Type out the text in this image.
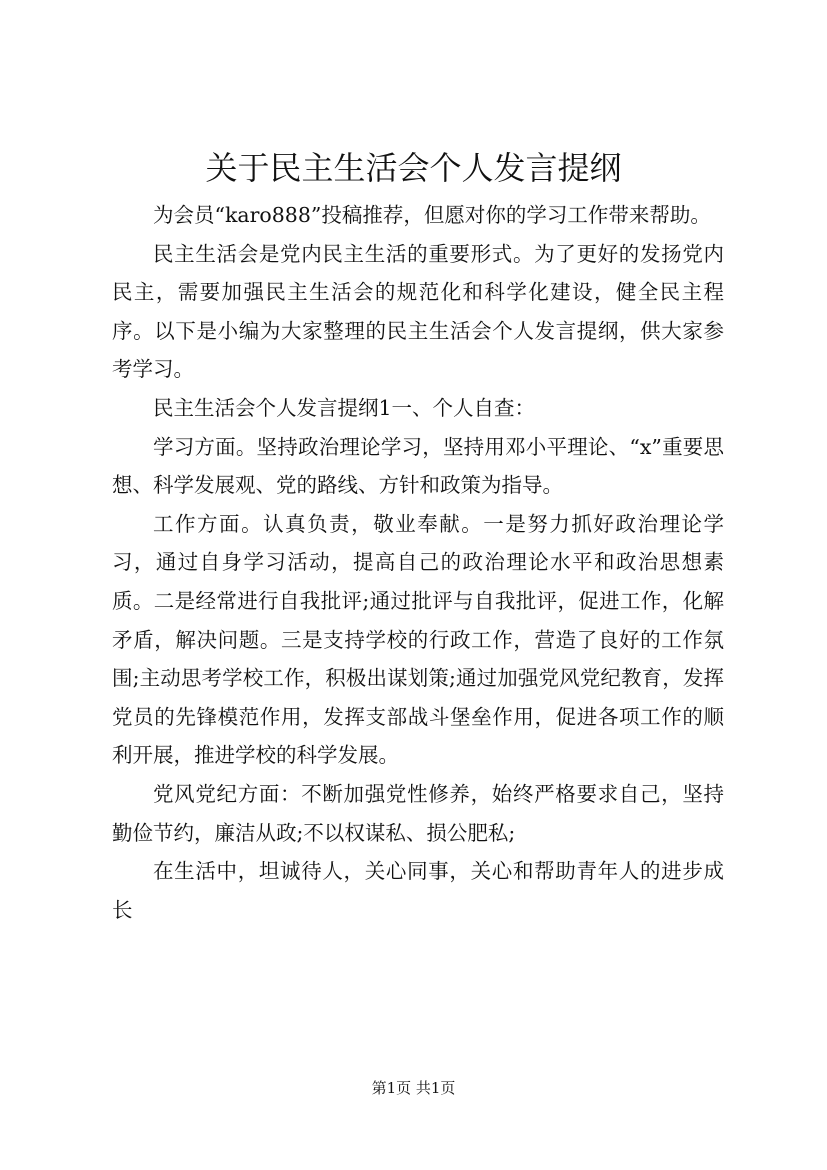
关于民主生活会个人发言提纲

为会员“karo888”投稿推荐，但愿对你的学习工作带来帮助。

民主生活会是党内民主生活的重要形式。为了更好的发扬党内民主，需要加强民主生活会的规范化和科学化建设，健全民主程序。以下是小编为大家整理的民主生活会个人发言提纲，供大家参考学习。

民主生活会个人发言提纲1一、个人自查：

学习方面。坚持政治理论学习，坚持用邓小平理论、“x”重要思想、科学发展观、党的路线、方针和政策为指导。

工作方面。认真负责，敬业奉献。一是努力抓好政治理论学习，通过自身学习活动，提高自己的政治理论水平和政治思想素质。二是经常进行自我批评;通过批评与自我批评，促进工作，化解矛盾，解决问题。三是支持学校的行政工作，营造了良好的工作氛围;主动思考学校工作，积极出谋划策;通过加强党风党纪教育，发挥党员的先锋模范作用，发挥支部战斗堡垒作用，促进各项工作的顺利开展，推进学校的科学发展。

党风党纪方面：不断加强党性修养，始终严格要求自己，坚持勤俭节约，廉洁从政;不以权谋私、损公肥私;

在生活中，坦诚待人，关心同事，关心和帮助青年人的进步成长

第1页 共1页
